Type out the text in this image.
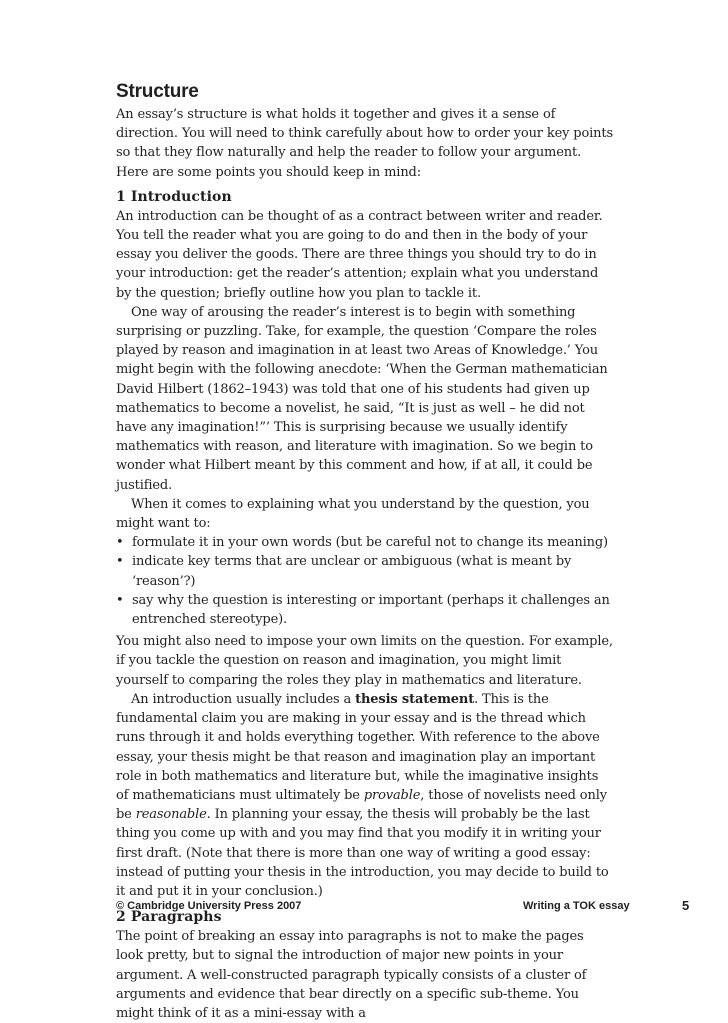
Structure

An essay’s structure is what holds it together and gives it a sense of direction. You will need to think carefully about how to order your key points so that they flow naturally and help the reader to follow your argument. Here are some points you should keep in mind:

1 Introduction

An introduction can be thought of as a contract between writer and reader. You tell the reader what you are going to do and then in the body of your essay you deliver the goods. There are three things you should try to do in your introduction: get the reader’s attention; explain what you understand by the question; briefly outline how you plan to tackle it.

One way of arousing the reader’s interest is to begin with something surprising or puzzling. Take, for example, the question ‘Compare the roles played by reason and imagination in at least two Areas of Knowledge.’ You might begin with the following anecdote: ‘When the German mathematician David Hilbert (1862–1943) was told that one of his students had given up mathematics to become a novelist, he said, “It is just as well – he did not have any imagination!”’ This is surprising because we usually identify mathematics with reason, and literature with imagination. So we begin to wonder what Hilbert meant by this comment and how, if at all, it could be justified.

When it comes to explaining what you understand by the question, you might want to:

• formulate it in your own words (but be careful not to change its meaning)
• indicate key terms that are unclear or ambiguous (what is meant by ‘reason’?)
• say why the question is interesting or important (perhaps it challenges an entrenched stereotype).

You might also need to impose your own limits on the question. For example, if you tackle the question on reason and imagination, you might limit yourself to comparing the roles they play in mathematics and literature.

An introduction usually includes a thesis statement. This is the fundamental claim you are making in your essay and is the thread which runs through it and holds everything together. With reference to the above essay, your thesis might be that reason and imagination play an important role in both mathematics and literature but, while the imaginative insights of mathematicians must ultimately be provable, those of novelists need only be reasonable. In planning your essay, the thesis will probably be the last thing you come up with and you may find that you modify it in writing your first draft. (Note that there is more than one way of writing a good essay: instead of putting your thesis in the introduction, you may decide to build to it and put it in your conclusion.)

2 Paragraphs

The point of breaking an essay into paragraphs is not to make the pages look pretty, but to signal the introduction of major new points in your argument. A well-constructed paragraph typically consists of a cluster of arguments and evidence that bear directly on a specific sub-theme. You might think of it as a mini-essay with a

© Cambridge University Press 2007	Writing a TOK essay	5
